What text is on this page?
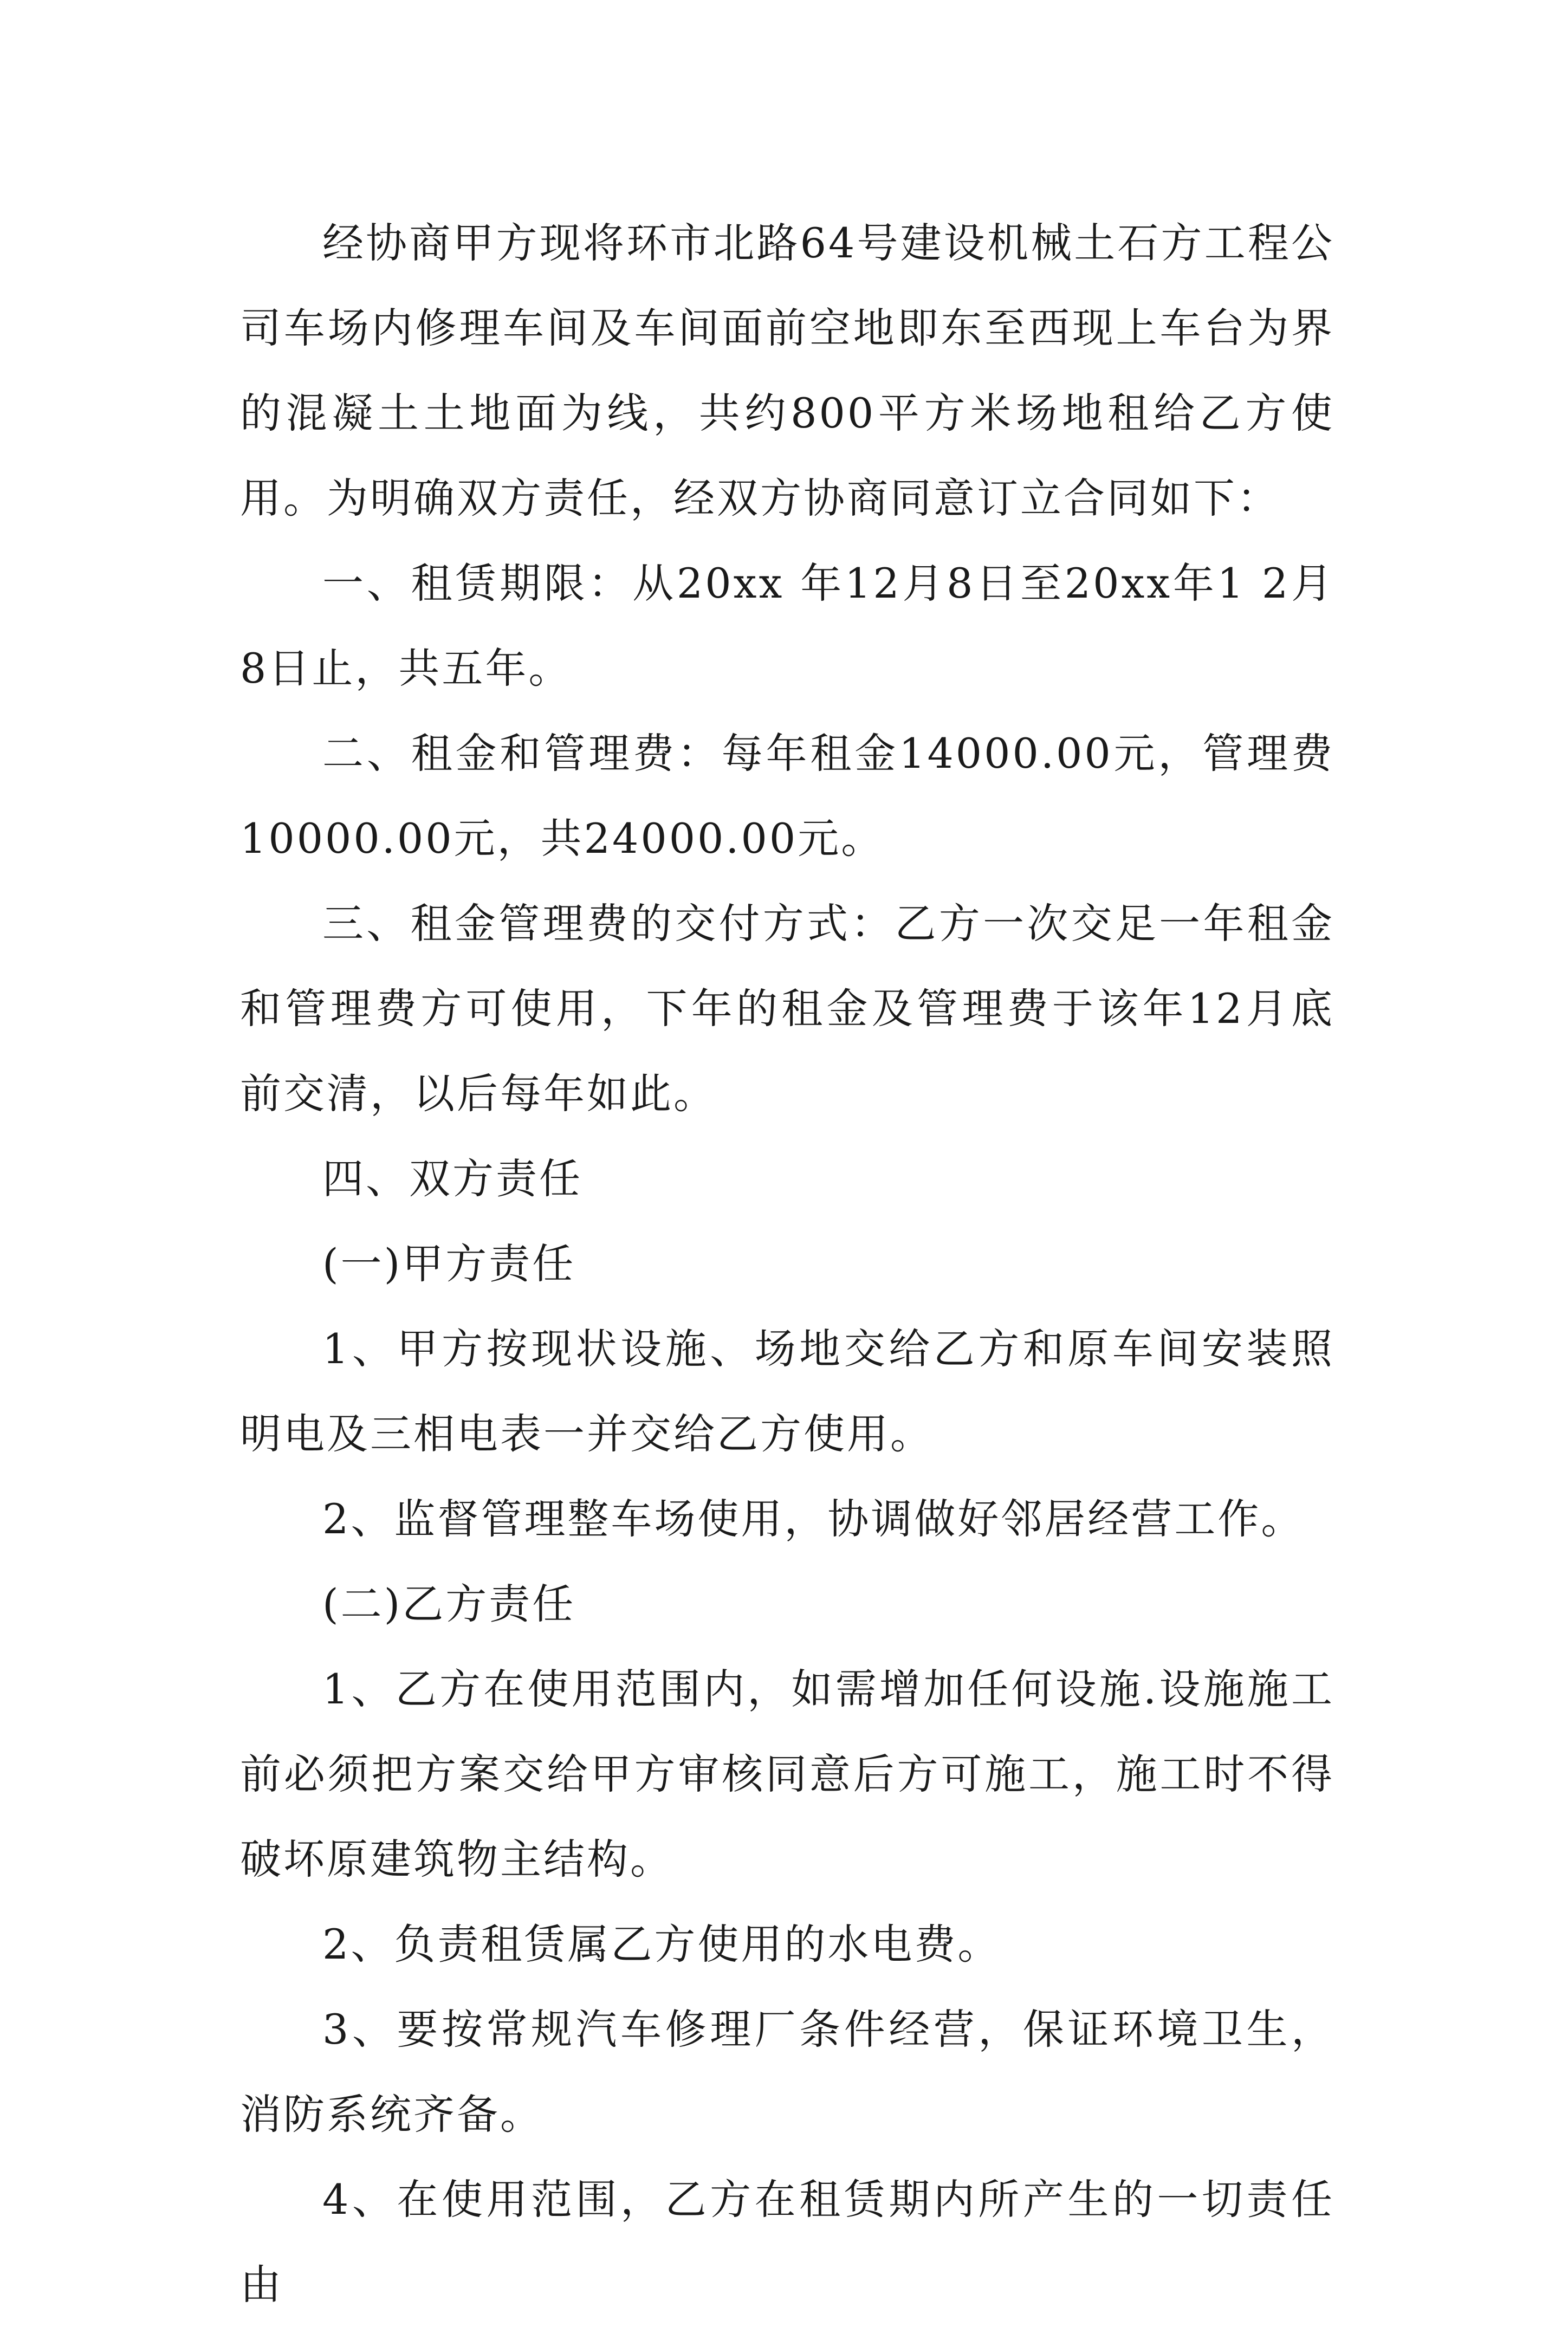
经协商甲方现将环市北路64号建设机械土石方工程公司车场内修理车间及车间面前空地即东至西现上车台为界的混凝土土地面为线，共约800平方米场地租给乙方使用。为明确双方责任，经双方协商同意订立合同如下：

一、租赁期限：从20xx 年12月8日至20xx年1 2月8日止，共五年。

二、租金和管理费：每年租金14000.00元，管理费10000.00元，共24000.00元。

三、租金管理费的交付方式：乙方一次交足一年租金和管理费方可使用，下年的租金及管理费于该年12月底前交清，以后每年如此。

四、双方责任

(一)甲方责任

1、甲方按现状设施、场地交给乙方和原车间安装照明电及三相电表一并交给乙方使用。

2、监督管理整车场使用，协调做好邻居经营工作。

(二)乙方责任

1、乙方在使用范围内，如需增加任何设施.设施施工前必须把方案交给甲方审核同意后方可施工，施工时不得破坏原建筑物主结构。

2、负责租赁属乙方使用的水电费。

3、要按常规汽车修理厂条件经营，保证环境卫生，消防系统齐备。

4、在使用范围，乙方在租赁期内所产生的一切责任由
